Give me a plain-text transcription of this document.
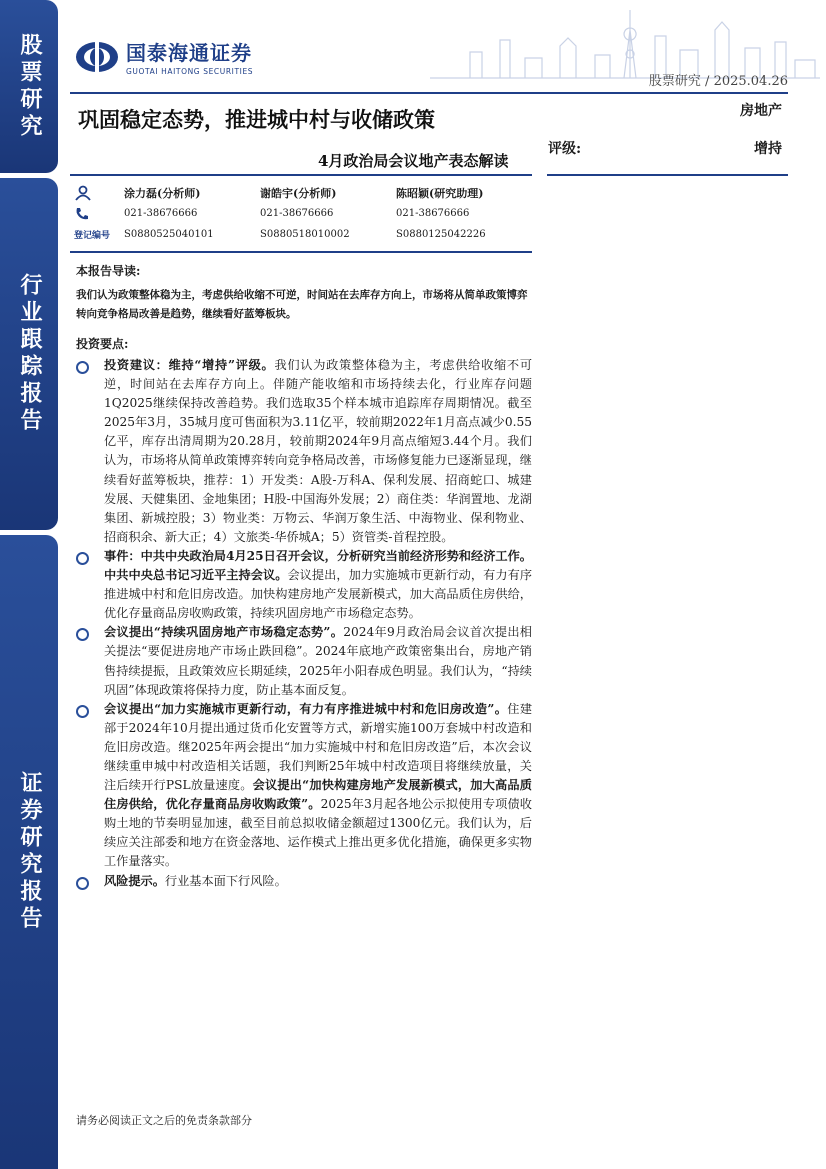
股票研究
行业跟踪报告
证券研究报告
国泰海通证券
GUOTAI HAITONG SECURITIES
股票研究 / 2025.04.26
巩固稳定态势，推进城中村与收储政策
4月政治局会议地产表态解读
房地产
评级:	增持
涂力磊(分析师)	谢皓宇(分析师)	陈昭颖(研究助理)
021-38676666	021-38676666	021-38676666
登记编号	S0880525040101	S0880518010002	S0880125042226
本报告导读:
我们认为政策整体稳为主，考虑供给收缩不可逆，时间站在去库存方向上，市场将从简单政策博弈转向竞争格局改善是趋势，继续看好蓝筹板块。
投资要点:
投资建议：维持“增持”评级。我们认为政策整体稳为主，考虑供给收缩不可逆，时间站在去库存方向上。伴随产能收缩和市场持续去化，行业库存问题1Q2025继续保持改善趋势。我们选取35个样本城市追踪库存周期情况。截至2025年3月，35城月度可售面积为3.11亿平，较前期2022年1月高点减少0.55亿平，库存出清周期为20.28月，较前期2024年9月高点缩短3.44个月。我们认为，市场将从简单政策博弈转向竞争格局改善，市场修复能力已逐渐显现，继续看好蓝筹板块，推荐：1）开发类：A股-万科A、保利发展、招商蛇口、城建发展、天健集团、金地集团；H股-中国海外发展；2）商住类：华润置地、龙湖集团、新城控股；3）物业类：万物云、华润万象生活、中海物业、保利物业、招商积余、新大正；4）文旅类-华侨城A；5）资管类-首程控股。
事件：中共中央政治局4月25日召开会议，分析研究当前经济形势和经济工作。中共中央总书记习近平主持会议。会议提出，加力实施城市更新行动，有力有序推进城中村和危旧房改造。加快构建房地产发展新模式，加大高品质住房供给，优化存量商品房收购政策，持续巩固房地产市场稳定态势。
会议提出“持续巩固房地产市场稳定态势”。2024年9月政治局会议首次提出相关提法“要促进房地产市场止跌回稳”。2024年底地产政策密集出台，房地产销售持续提振，且政策效应长期延续，2025年小阳春成色明显。我们认为，“持续巩固”体现政策将保持力度，防止基本面反复。
会议提出“加力实施城市更新行动，有力有序推进城中村和危旧房改造”。住建部于2024年10月提出通过货币化安置等方式，新增实施100万套城中村改造和危旧房改造。继2025年两会提出“加力实施城中村和危旧房改造”后，本次会议继续重申城中村改造相关话题，我们判断25年城中村改造项目将继续放量，关注后续开行PSL放量速度。会议提出“加快构建房地产发展新模式，加大高品质住房供给，优化存量商品房收购政策”。2025年3月起各地公示拟使用专项债收购土地的节奏明显加速，截至目前总拟收储金额超过1300亿元。我们认为，后续应关注部委和地方在资金落地、运作模式上推出更多优化措施，确保更多实物工作量落实。
风险提示。行业基本面下行风险。
请务必阅读正文之后的免责条款部分
